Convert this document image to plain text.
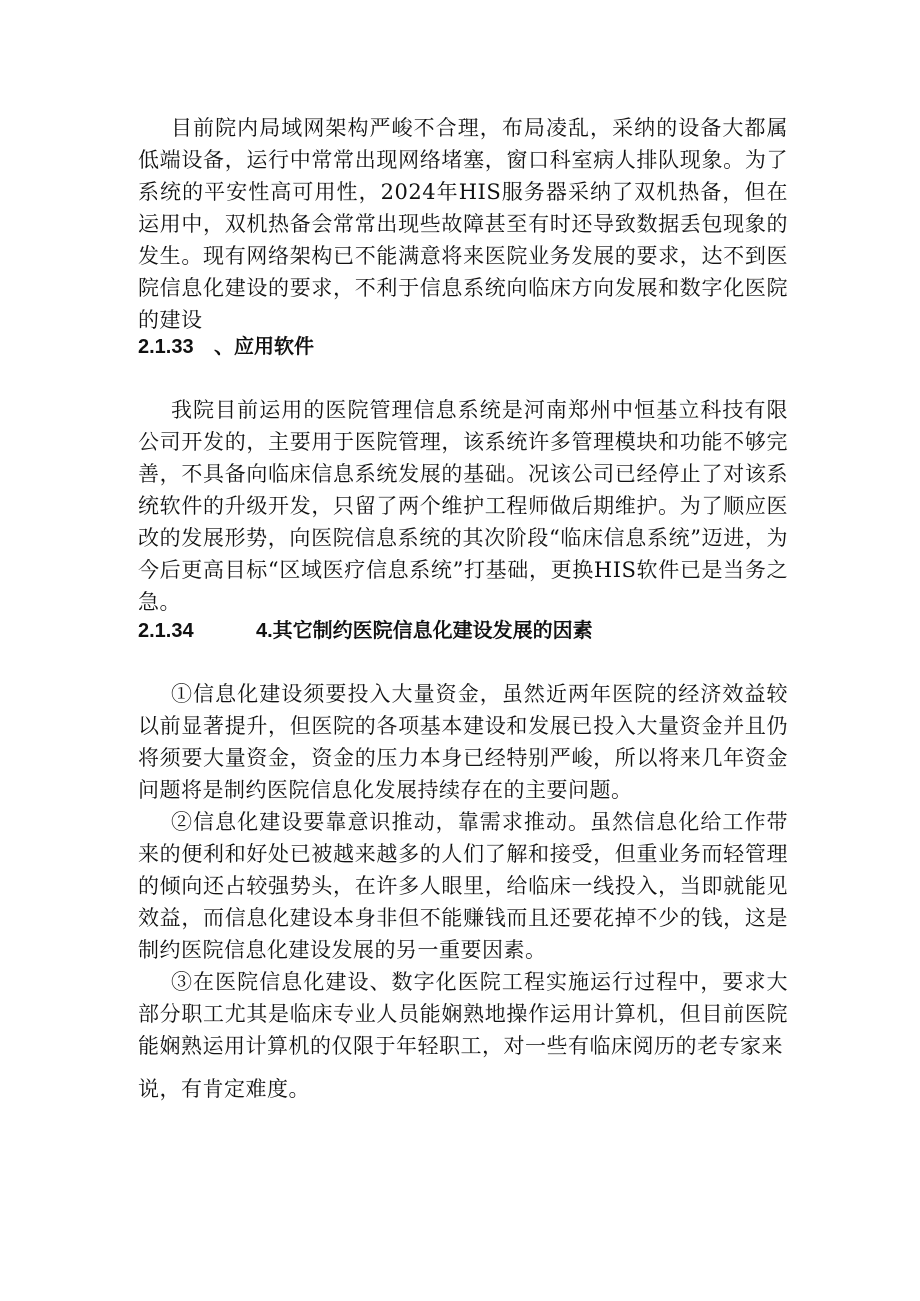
目前院内局域网架构严峻不合理，布局凌乱，采纳的设备大都属低端设备，运行中常常出现网络堵塞，窗口科室病人排队现象。为了系统的平安性高可用性，2024年HIS服务器采纳了双机热备，但在运用中，双机热备会常常出现些故障甚至有时还导致数据丢包现象的发生。现有网络架构已不能满意将来医院业务发展的要求，达不到医院信息化建设的要求，不利于信息系统向临床方向发展和数字化医院的建设

2.1.33 、应用软件

我院目前运用的医院管理信息系统是河南郑州中恒基立科技有限公司开发的，主要用于医院管理，该系统许多管理模块和功能不够完善，不具备向临床信息系统发展的基础。况该公司已经停止了对该系统软件的升级开发，只留了两个维护工程师做后期维护。为了顺应医改的发展形势，向医院信息系统的其次阶段“临床信息系统”迈进，为今后更高目标“区域医疗信息系统”打基础，更换HIS软件已是当务之急。

2.1.34	4.其它制约医院信息化建设发展的因素

①信息化建设须要投入大量资金，虽然近两年医院的经济效益较以前显著提升，但医院的各项基本建设和发展已投入大量资金并且仍将须要大量资金，资金的压力本身已经特别严峻，所以将来几年资金问题将是制约医院信息化发展持续存在的主要问题。

②信息化建设要靠意识推动，靠需求推动。虽然信息化给工作带来的便利和好处已被越来越多的人们了解和接受，但重业务而轻管理的倾向还占较强势头，在许多人眼里，给临床一线投入，当即就能见效益，而信息化建设本身非但不能赚钱而且还要花掉不少的钱，这是制约医院信息化建设发展的另一重要因素。

③在医院信息化建设、数字化医院工程实施运行过程中，要求大部分职工尤其是临床专业人员能娴熟地操作运用计算机，但目前医院能娴熟运用计算机的仅限于年轻职工，对一些有临床阅历的老专家来

说，有肯定难度。
